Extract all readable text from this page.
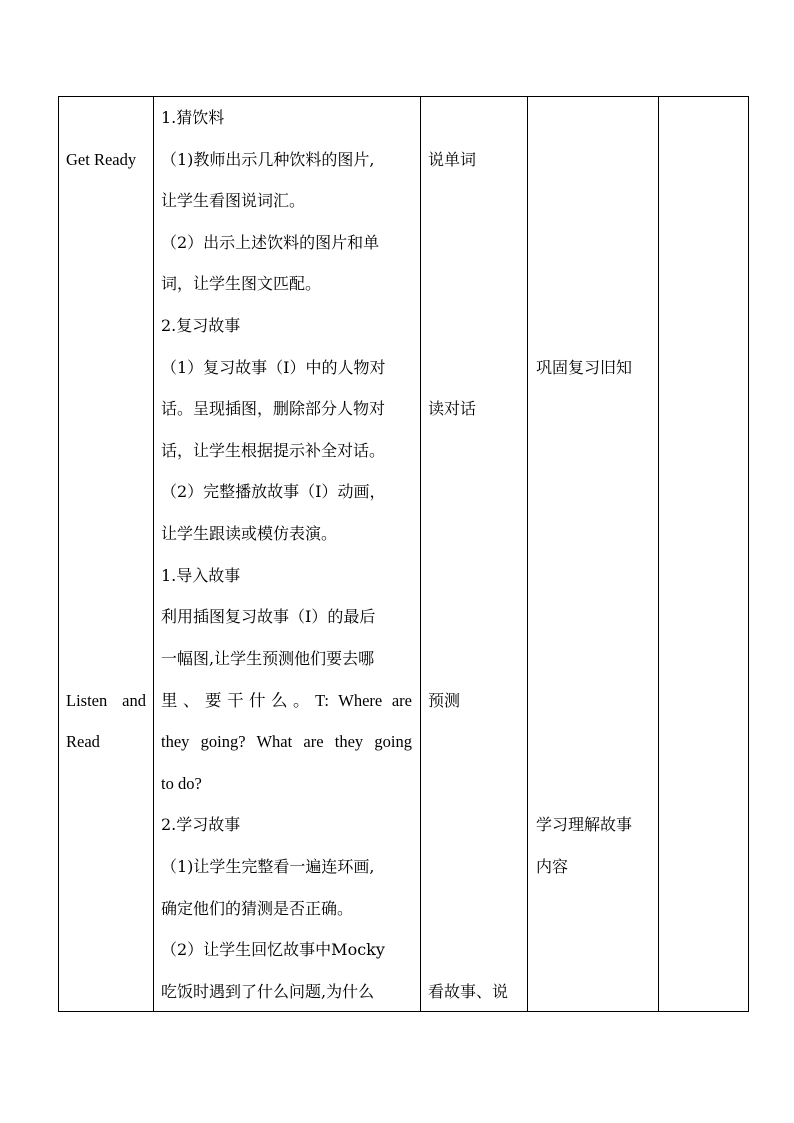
Get Ready
Listen and
Read
1.猜饮料
（1)教师出示几种饮料的图片,
让学生看图说词汇。
（2）出示上述饮料的图片和单
词，让学生图文匹配。
2.复习故事
（1）复习故事（I）中的人物对
话。呈现插图，删除部分人物对
话，让学生根据提示补全对话。
（2）完整播放故事（I）动画，
让学生跟读或模仿表演。
1.导入故事
利用插图复习故事（I）的最后
一幅图,让学生预测他们要去哪
里、要干什么。T: Where are
they going? What are they going
to do?
2.学习故事
（1)让学生完整看一遍连环画,
确定他们的猜测是否正确。
（2）让学生回忆故事中Mocky
吃饭时遇到了什么问题,为什么
说单词
读对话
预测
看故事、说
巩固复习旧知
学习理解故事
内容
